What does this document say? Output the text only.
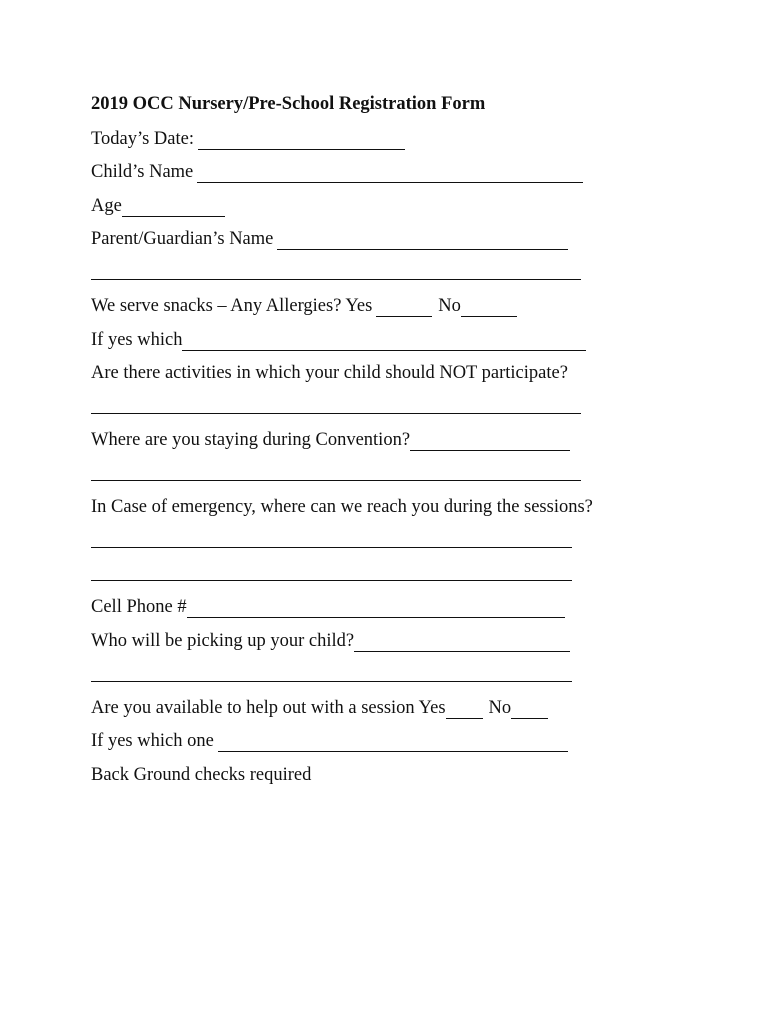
2019 OCC Nursery/Pre-School Registration Form
Today’s Date:
Child’s Name
Age
Parent/Guardian’s Name
We serve snacks – Any Allergies? Yes	No
If yes which
Are there activities in which your child should NOT participate?
Where are you staying during Convention?
In Case of emergency, where can we reach you during the sessions?
Cell Phone #
Who will be picking up your child?
Are you available to help out with a session Yes No
If yes which one
Back Ground checks required
